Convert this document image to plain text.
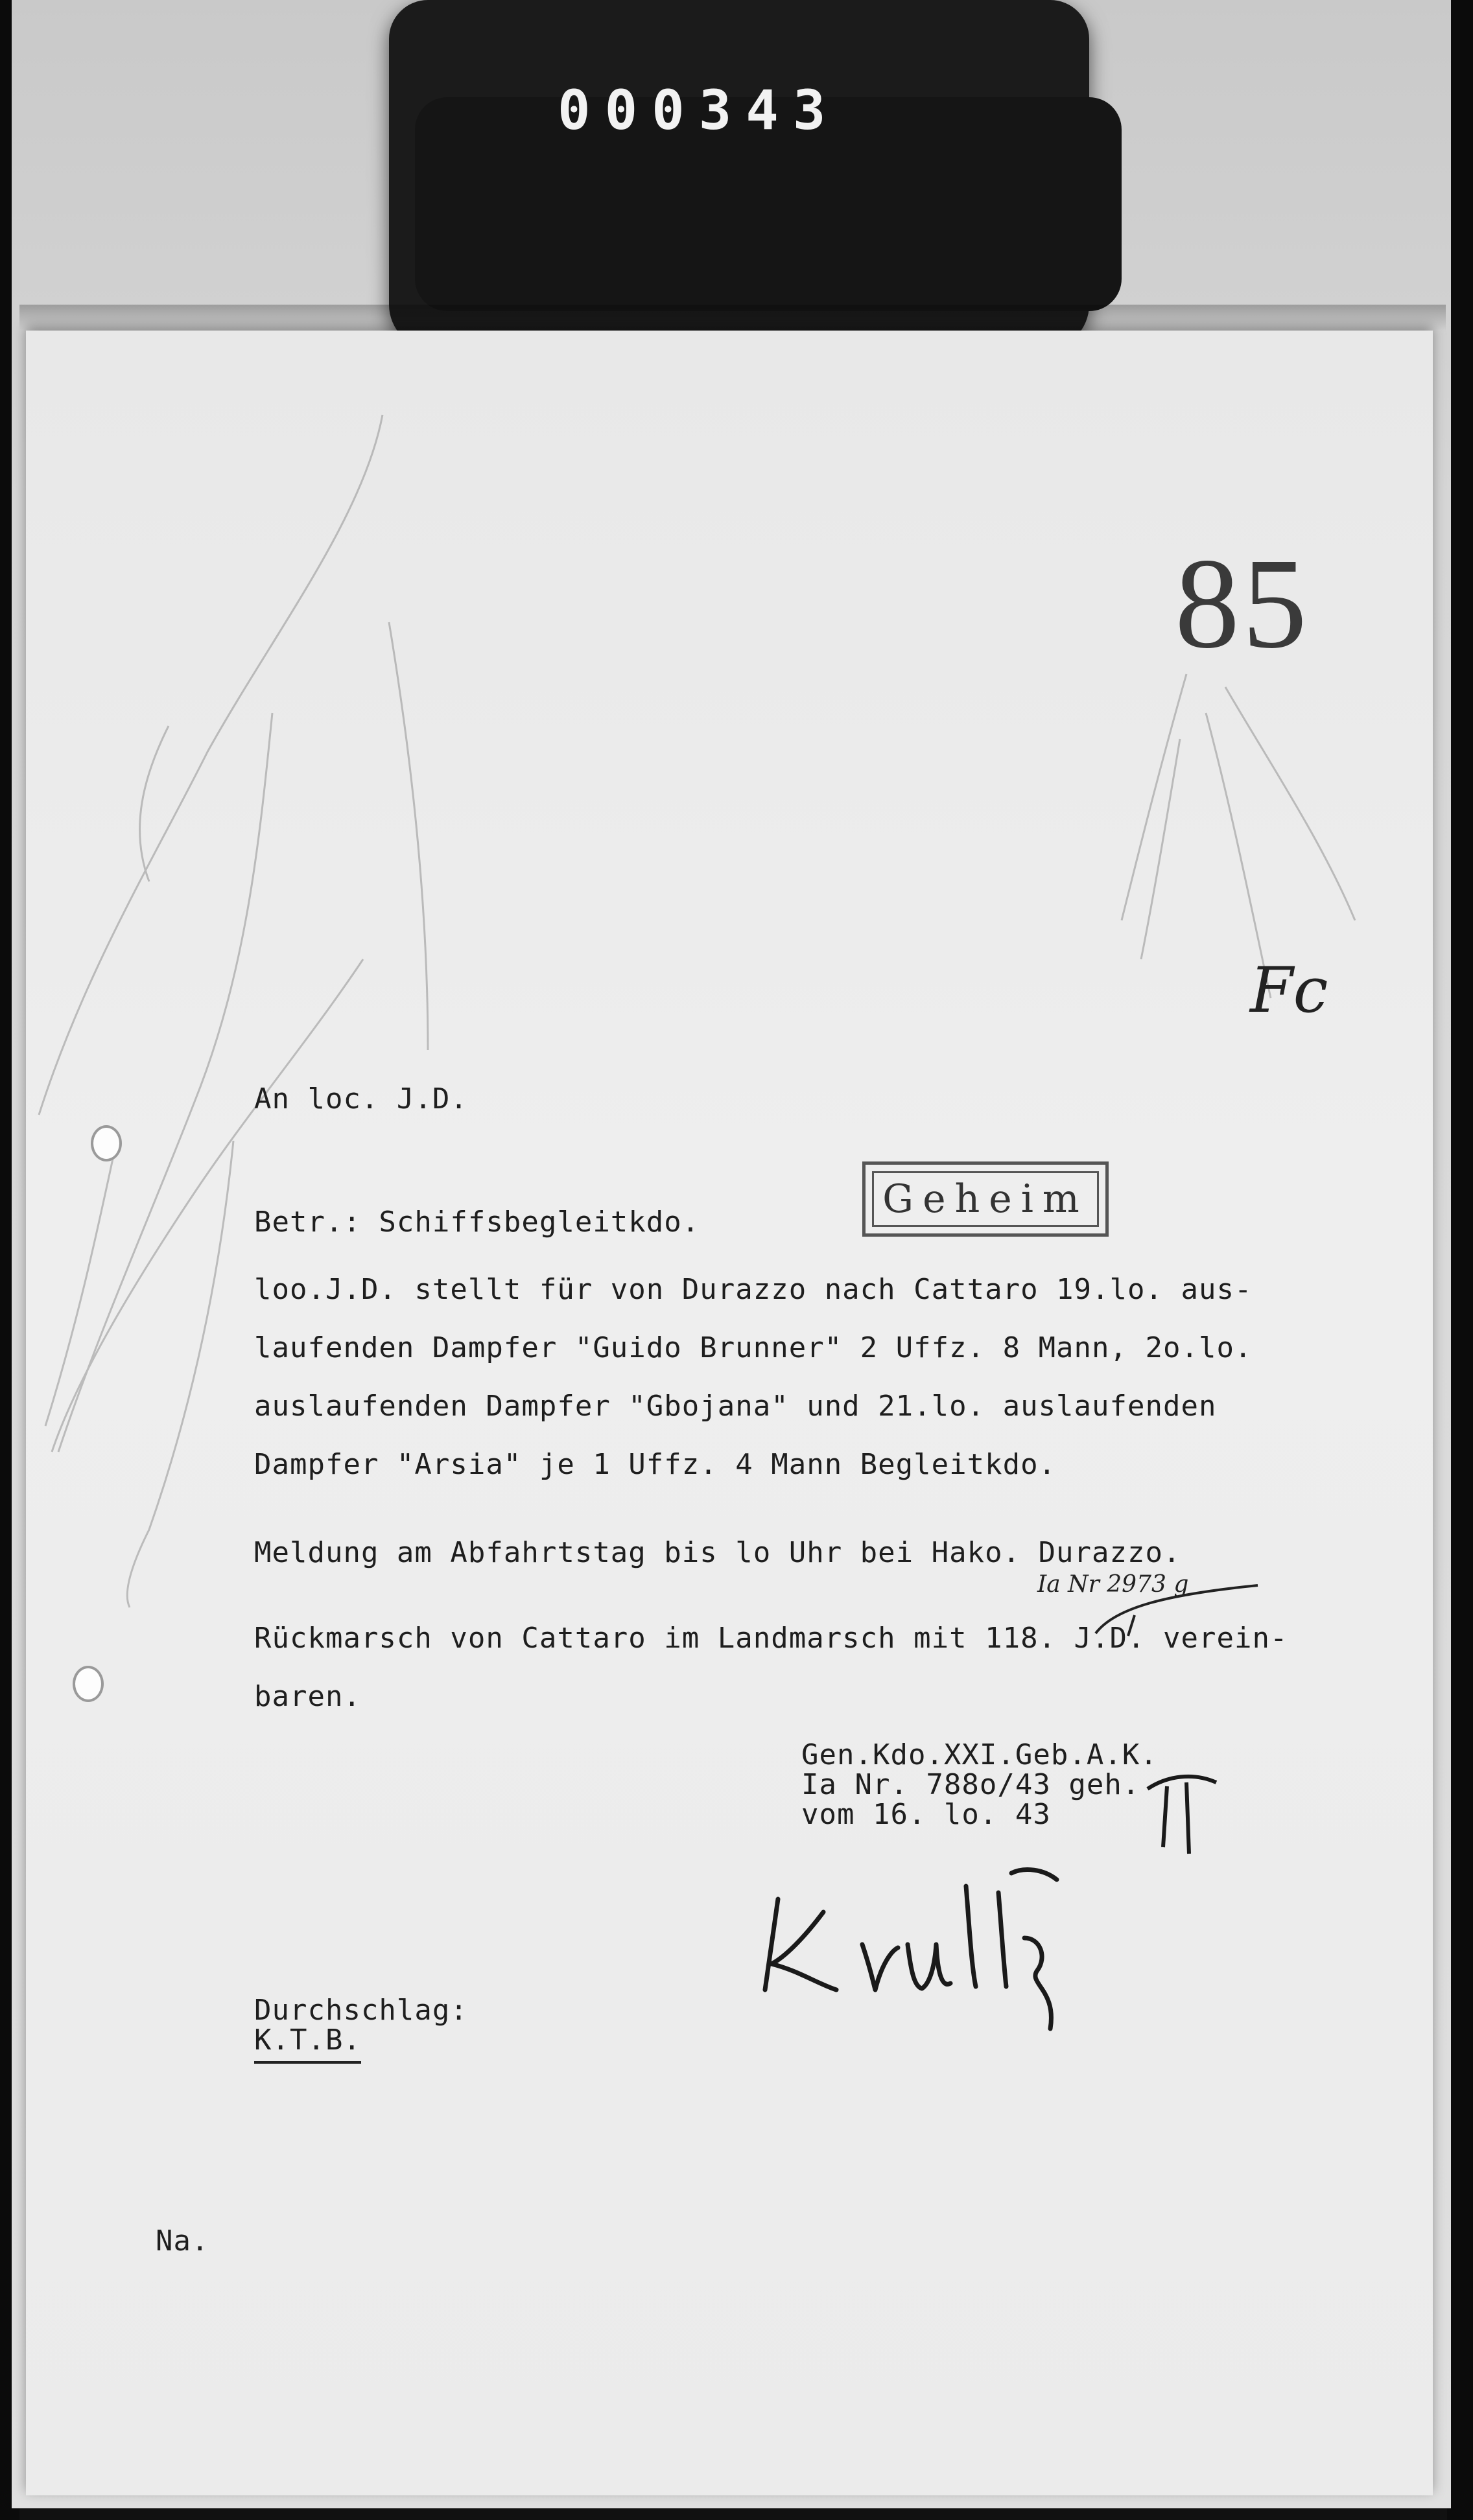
000343
85
Fc
An loc. J.D.
Betr.: Schiffsbegleitkdo.
Geheim
loo.J.D. stellt für von Durazzo nach Cattaro 19.lo. aus-
laufenden Dampfer "Guido Brunner" 2 Uffz. 8 Mann, 2o.lo.
auslaufenden Dampfer "Gbojana" und 21.lo. auslaufenden
Dampfer "Arsia" je 1 Uffz. 4 Mann Begleitkdo.
Meldung am Abfahrtstag bis lo Uhr bei Hako. Durazzo.
Ia Nr 2973 g
Rückmarsch von Cattaro im Landmarsch mit 118. J.D. verein-
baren.
Gen.Kdo.XXI.Geb.A.K.
Ia Nr. 788o/43 geh.
vom 16. lo. 43
Durchschlag:
K.T.B.
Na.
